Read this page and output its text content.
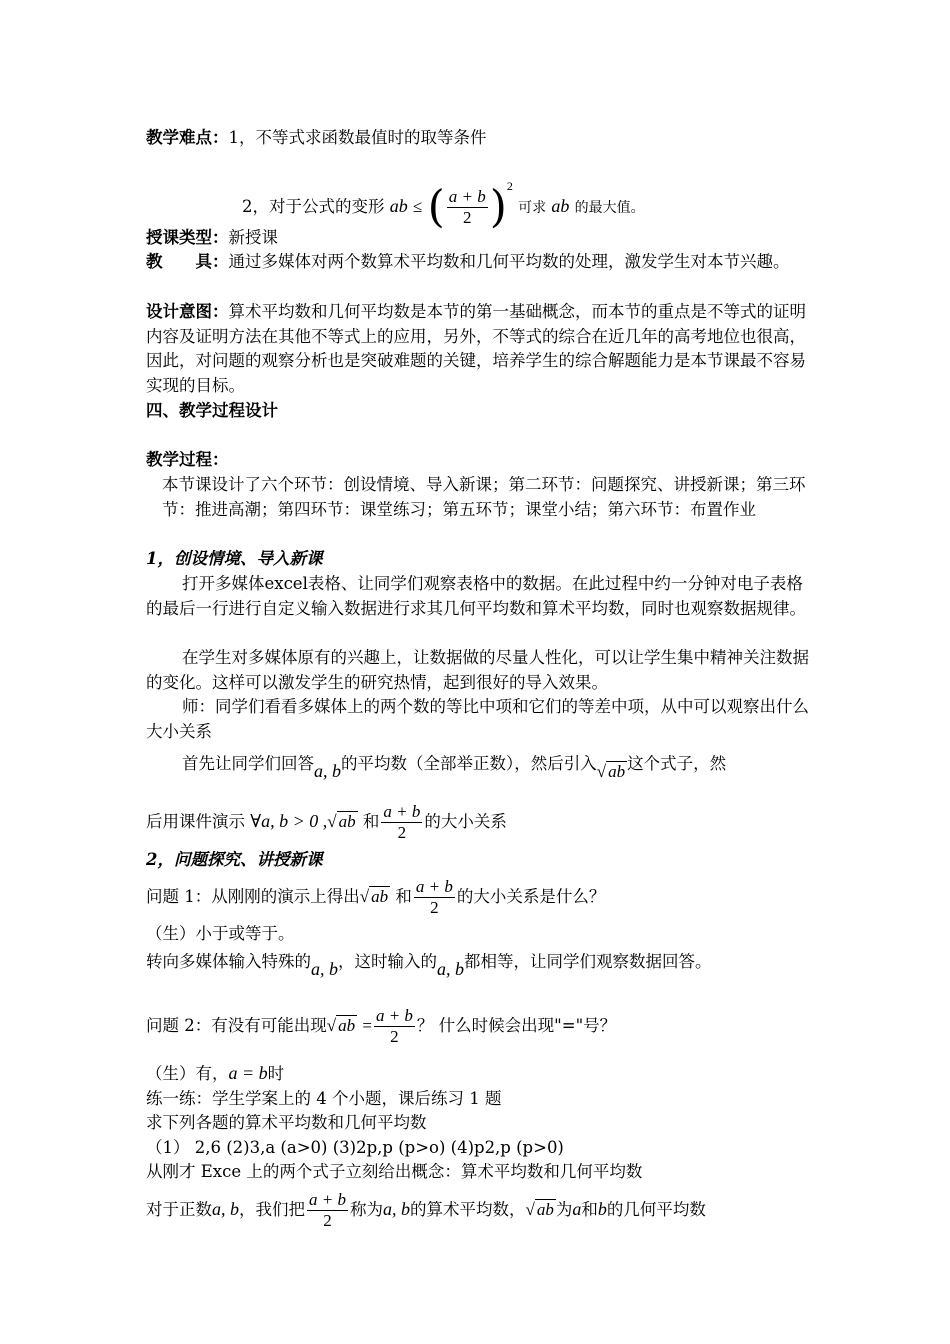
教学难点：1，不等式求函数最值时的取等条件
2，对于公式的变形 ab ≤ ( $\frac{a + b}{2} )^2$ 可求 ab 的最大值。
授课类型：新授课
教　　具：通过多媒体对两个数算术平均数和几何平均数的处理，激发学生对本节兴趣。
设计意图：算术平均数和几何平均数是本节的第一基础概念，而本节的重点是不等式的证明内容及证明方法在其他不等式上的应用，另外，不等式的综合在近几年的高考地位也很高，因此，对问题的观察分析也是突破难题的关键，培养学生的综合解题能力是本节课最不容易实现的目标。
四、教学过程设计
教学过程：
本节课设计了六个环节：创设情境、导入新课；第二环节：问题探究、讲授新课；第三环节：推进高潮；第四环节：课堂练习；第五环节；课堂小结；第六环节：布置作业
1，创设情境、导入新课
打开多媒体excel表格、让同学们观察表格中的数据。在此过程中约一分钟对电子表格的最后一行进行自定义输入数据进行求其几何平均数和算术平均数，同时也观察数据规律。
在学生对多媒体原有的兴趣上，让数据做的尽量人性化，可以让学生集中精神关注数据的变化。这样可以激发学生的研究热情，起到很好的导入效果。
师：同学们看看多媒体上的两个数的等比中项和它们的等差中项，从中可以观察出什么大小关系
首先让同学们回答a, b的平均数（全部举正数），然后引入√ ab 这个式子，然
后用课件演示 ∀a, b > 0 ,√ ab 和 $\frac{a + b}{2}$ 的大小关系
2，问题探究、讲授新课
问题 1：从刚刚的演示上得出√ ab 和 $\frac{a + b}{2}$ 的大小关系是什么？
（生）小于或等于。
转向多媒体输入特殊的a, b，这时输入的a, b都相等，让同学们观察数据回答。
问题 2：有没有可能出现√ ab = $\frac{a + b}{2}$ ？ 什么时候会出现"="号？
（生）有，a = b时
练一练：学生学案上的 4 个小题，课后练习 1 题
求下列各题的算术平均数和几何平均数
（1） 2,6 (2)3,a (a>0) (3)2p,p (p>o) (4)p2,p (p>0)
从刚才 Exce 上的两个式子立刻给出概念：算术平均数和几何平均数
对于正数a, b，我们把 $\frac{a + b}{2}$ 称为a, b的算术平均数，√ ab 为a和b的几何平均数
